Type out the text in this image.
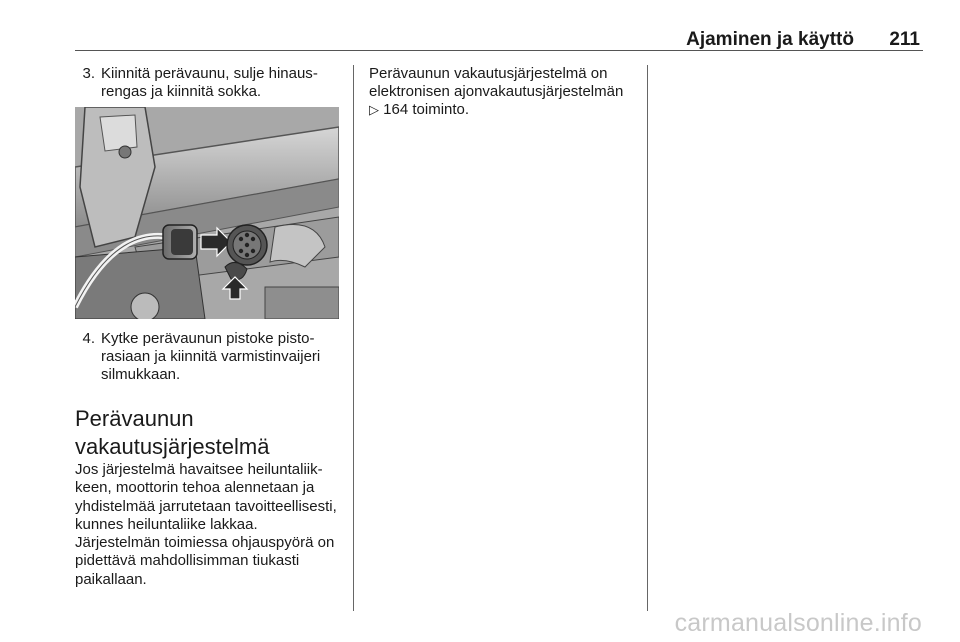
Ajaminen ja käyttö 211
3. Kiinnitä perävaunu, sulje hinausrengas ja kiinnitä sokka.
4. Kytke perävaunun pistoke pistorasiaan ja kiinnitä varmistinvaijeri silmukkaan.
Perävaunun vakautusjärjestelmä
Jos järjestelmä havaitsee heiluntaliikkeen, moottorin tehoa alennetaan ja yhdistelmää jarrutetaan tavoitteellisesti, kunnes heiluntaliike lakkaa. Järjestelmän toimiessa ohjauspyörä on pidettävä mahdollisimman tiukasti paikallaan.
Perävaunun vakautusjärjestelmä on elektronisen ajonvakautusjärjestelmän ▷ 164 toiminto.
carmanualsonline.info
